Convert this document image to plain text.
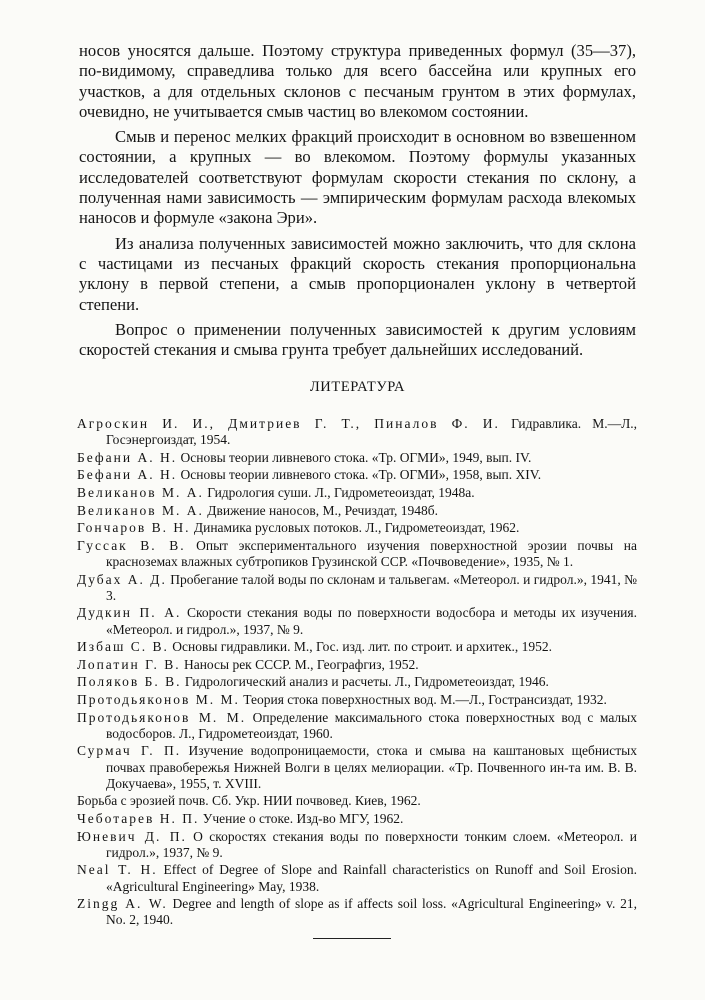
носов уносятся дальше. Поэтому структура приведенных формул (35—37), по-видимому, справедлива только для всего бассейна или крупных его участков, а для отдельных склонов с песчаным грунтом в этих формулах, очевидно, не учитывается смыв частиц во влекомом состоянии.

Смыв и перенос мелких фракций происходит в основном во взвешенном состоянии, а крупных — во влекомом. Поэтому формулы указанных исследователей соответствуют формулам скорости стекания по склону, а полученная нами зависимость — эмпирическим формулам расхода влекомых наносов и формуле «закона Эри».

Из анализа полученных зависимостей можно заключить, что для склона с частицами из песчаных фракций скорость стекания пропорциональна уклону в первой степени, а смыв пропорционален уклону в четвертой степени.

Вопрос о применении полученных зависимостей к другим условиям скоростей стекания и смыва грунта требует дальнейших исследований.

ЛИТЕРАТУРА
Агроскин И. И., Дмитриев Г. Т., Пиналов Ф. И. Гидравлика. М.—Л., Госэнергоиздат, 1954.
Бефани А. Н. Основы теории ливневого стока. «Тр. ОГМИ», 1949, вып. IV.
Бефани А. Н. Основы теории ливневого стока. «Тр. ОГМИ», 1958, вып. XIV.
Великанов М. А. Гидрология суши. Л., Гидрометеоиздат, 1948а.
Великанов М. А. Движение наносов, М., Речиздат, 1948б.
Гончаров В. Н. Динамика русловых потоков. Л., Гидрометеоиздат, 1962.
Гуссак В. В. Опыт экспериментального изучения поверхностной эрозии почвы на красноземах влажных субтропиков Грузинской ССР. «Почвоведение», 1935, № 1.
Дубах А. Д. Пробегание талой воды по склонам и тальвегам. «Метеорол. и гидрол.», 1941, № 3.
Дудкин П. А. Скорости стекания воды по поверхности водосбора и методы их изучения. «Метеорол. и гидрол.», 1937, № 9.
Избаш С. В. Основы гидравлики. М., Гос. изд. лит. по строит. и архитек., 1952.
Лопатин Г. В. Наносы рек СССР. М., Географгиз, 1952.
Поляков Б. В. Гидрологический анализ и расчеты. Л., Гидрометеоиздат, 1946.
Протодьяконов М. М. Теория стока поверхностных вод. М.—Л., Гострансиздат, 1932.
Протодьяконов М. М. Определение максимального стока поверхностных вод с малых водосборов. Л., Гидрометеоиздат, 1960.
Сурмач Г. П. Изучение водопроницаемости, стока и смыва на каштановых щебнистых почвах правобережья Нижней Волги в целях мелиорации. «Тр. Почвенного ин-та им. В. В. Докучаева», 1955, т. XVIII.
Борьба с эрозией почв. Сб. Укр. НИИ почвовед. Киев, 1962.
Чеботарев Н. П. Учение о стоке. Изд-во МГУ, 1962.
Юневич Д. П. О скоростях стекания воды по поверхности тонким слоем. «Метеорол. и гидрол.», 1937, № 9.
Neal T. H. Effect of Degree of Slope and Rainfall characteristics on Runoff and Soil Erosion. «Agricultural Engineering» May, 1938.
Zingg A. W. Degree and length of slope as if affects soil loss. «Agricultural Engineering» v. 21, No. 2, 1940.
